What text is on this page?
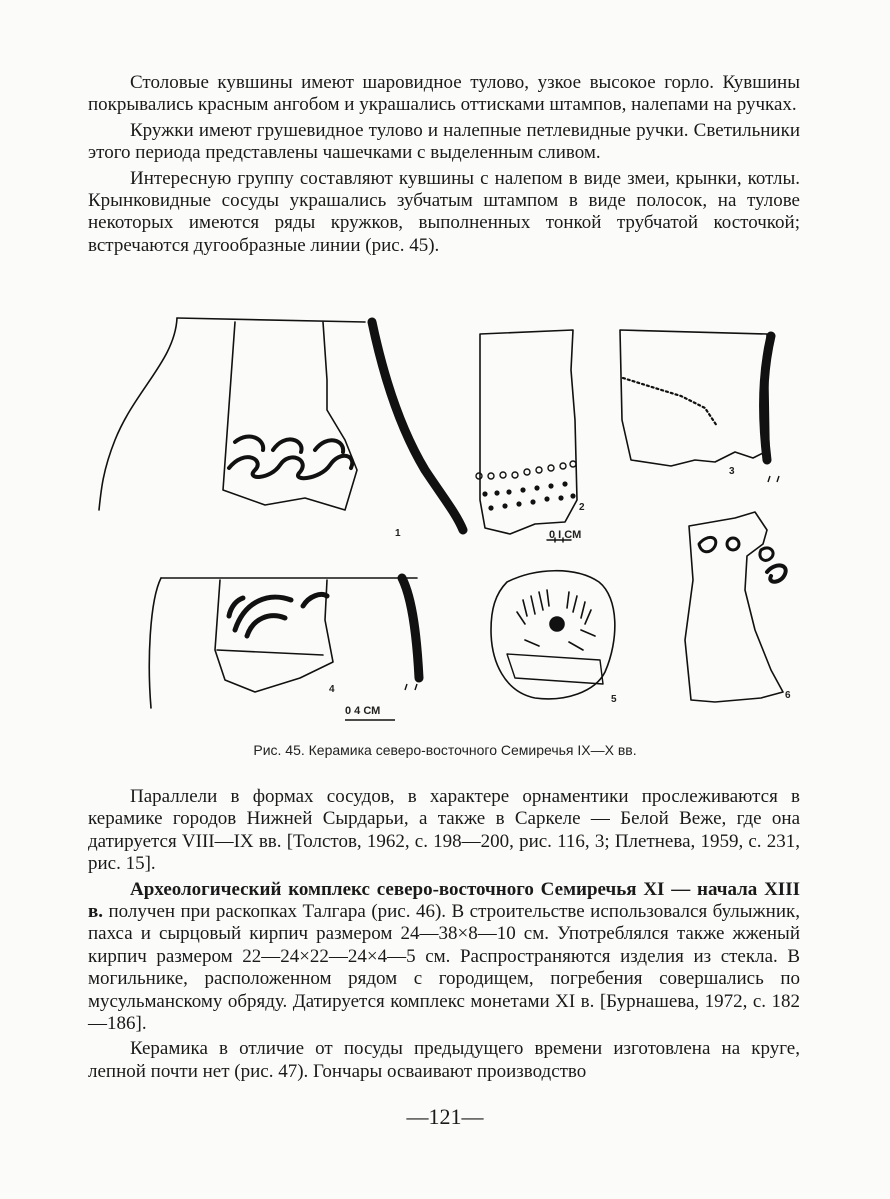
Столовые кувшины имеют шаровидное тулово, узкое высокое горло. Кувшины покрывались красным ангобом и украшались оттисками штампов, налепами на ручках.

Кружки имеют грушевидное тулово и налепные петлевидные ручки. Светильники этого периода представлены чашечками с выделенным сливом.

Интересную группу составляют кувшины с налепом в виде змеи, крынки, котлы. Крынковидные сосуды украшались зубчатым штампом в виде полосок, на тулове некоторых имеются ряды кружков, выполненных тонкой трубчатой косточкой; встречаются дугообразные линии (рис. 45).

1
2
3
4
5	6
0 I СМ
0 4 СМ
Рис. 45. Керамика северо-восточного Семиречья IX—X вв.

Параллели в формах сосудов, в характере орнаментики прослеживаются в керамике городов Нижней Сырдарьи, а также в Саркеле — Белой Веже, где она датируется VIII—IX вв. [Толстов, 1962, с. 198—200, рис. 116, 3; Плетнева, 1959, с. 231, рис. 15].

Археологический комплекс северо-восточного Семиречья XI — начала XIII в. получен при раскопках Талгара (рис. 46). В строительстве использовался булыжник, пахса и сырцовый кирпич размером 24—38×8—10 см. Употреблялся также жженый кирпич размером 22—24×22—24×4—5 см. Распространяются изделия из стекла. В могильнике, расположенном рядом с городищем, погребения совершались по мусульманскому обряду. Датируется комплекс монетами XI в. [Бурнашева, 1972, с. 182—186].

Керамика в отличие от посуды предыдущего времени изготовлена на круге, лепной почти нет (рис. 47). Гончары осваивают производство

—121—
